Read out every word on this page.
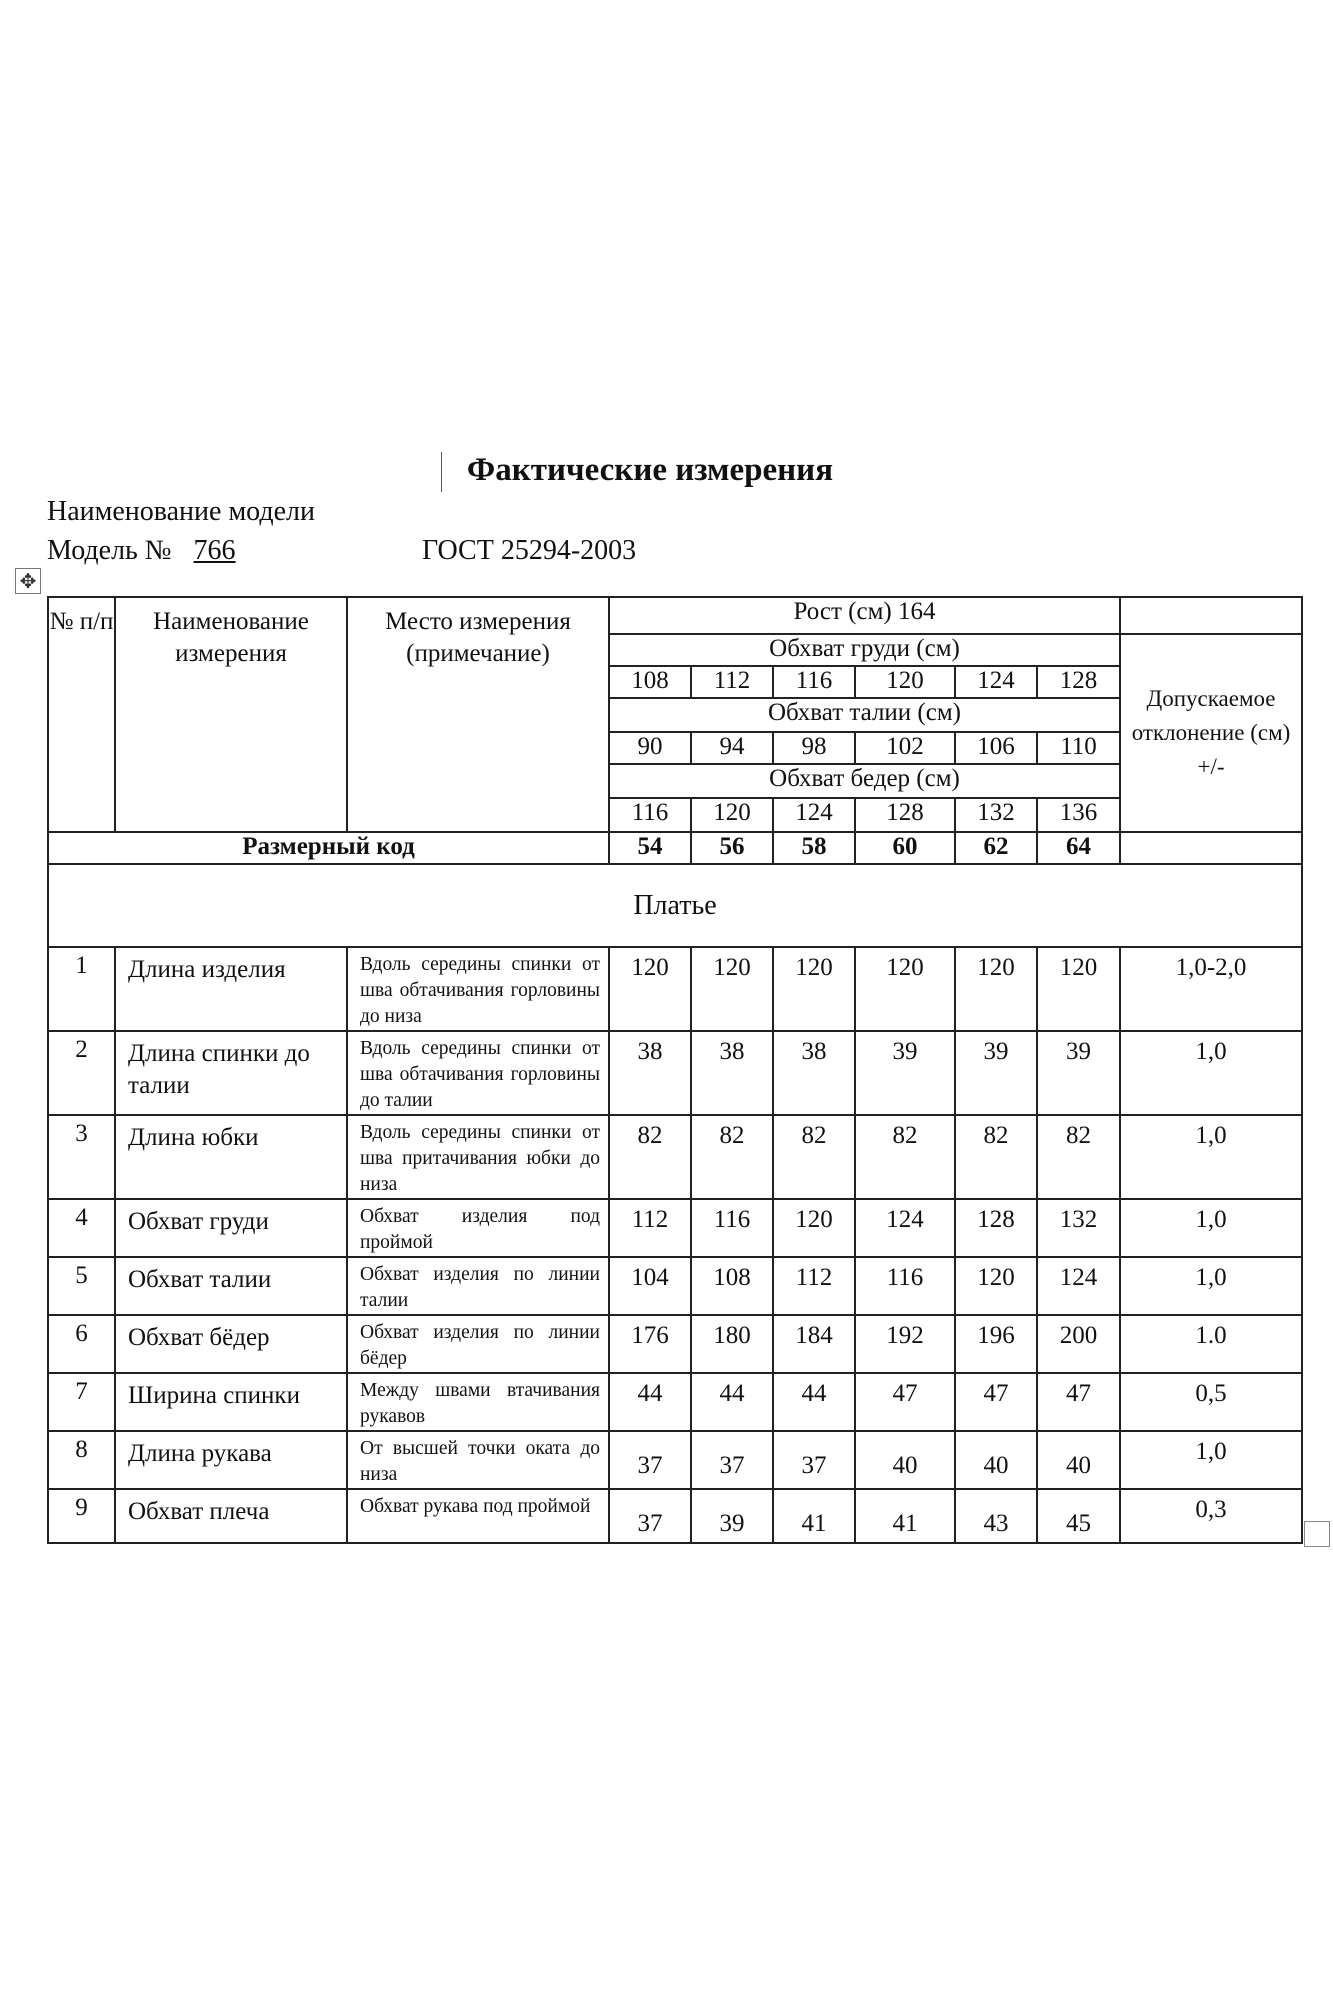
Фактические измерения
Наименование модели
Модель № 766	ГОСТ 25294-2003
✥
№ п/п	Наименование измерения	Место измерения (примечание)	Рост (см) 164						
			Обхват груди (см)						Допускаемое отклонение (см) +/-
			108	112	116	120	124	128	
			Обхват талии (см)						
			90	94	98	102	106	110	
			Обхват бедер (см)						
			116	120	124	128	132	136	
Размерный код			54	56	58	60	62	64	
Платье									
1	Длина изделия	Вдоль середины спинки от шва обтачивания горловины до низа	120	120	120	120	120	120	1,0-2,0
2	Длина спинки до талии	Вдоль середины спинки от шва обтачивания горловины до талии	38	38	38	39	39	39	1,0
3	Длина юбки	Вдоль середины спинки от шва притачивания юбки до низа	82	82	82	82	82	82	1,0
4	Обхват груди	Обхват изделия под проймой	112	116	120	124	128	132	1,0
5	Обхват талии	Обхват изделия по линии талии	104	108	112	116	120	124	1,0
6	Обхват бёдер	Обхват изделия по линии бёдер	176	180	184	192	196	200	1.0
7	Ширина спинки	Между швами втачивания рукавов	44	44	44	47	47	47	0,5
8	Длина рукава	От высшей точки оката до низа	37	37	37	40	40	40	1,0
9	Обхват плеча	Обхват рукава под проймой	37	39	41	41	43	45	0,3
